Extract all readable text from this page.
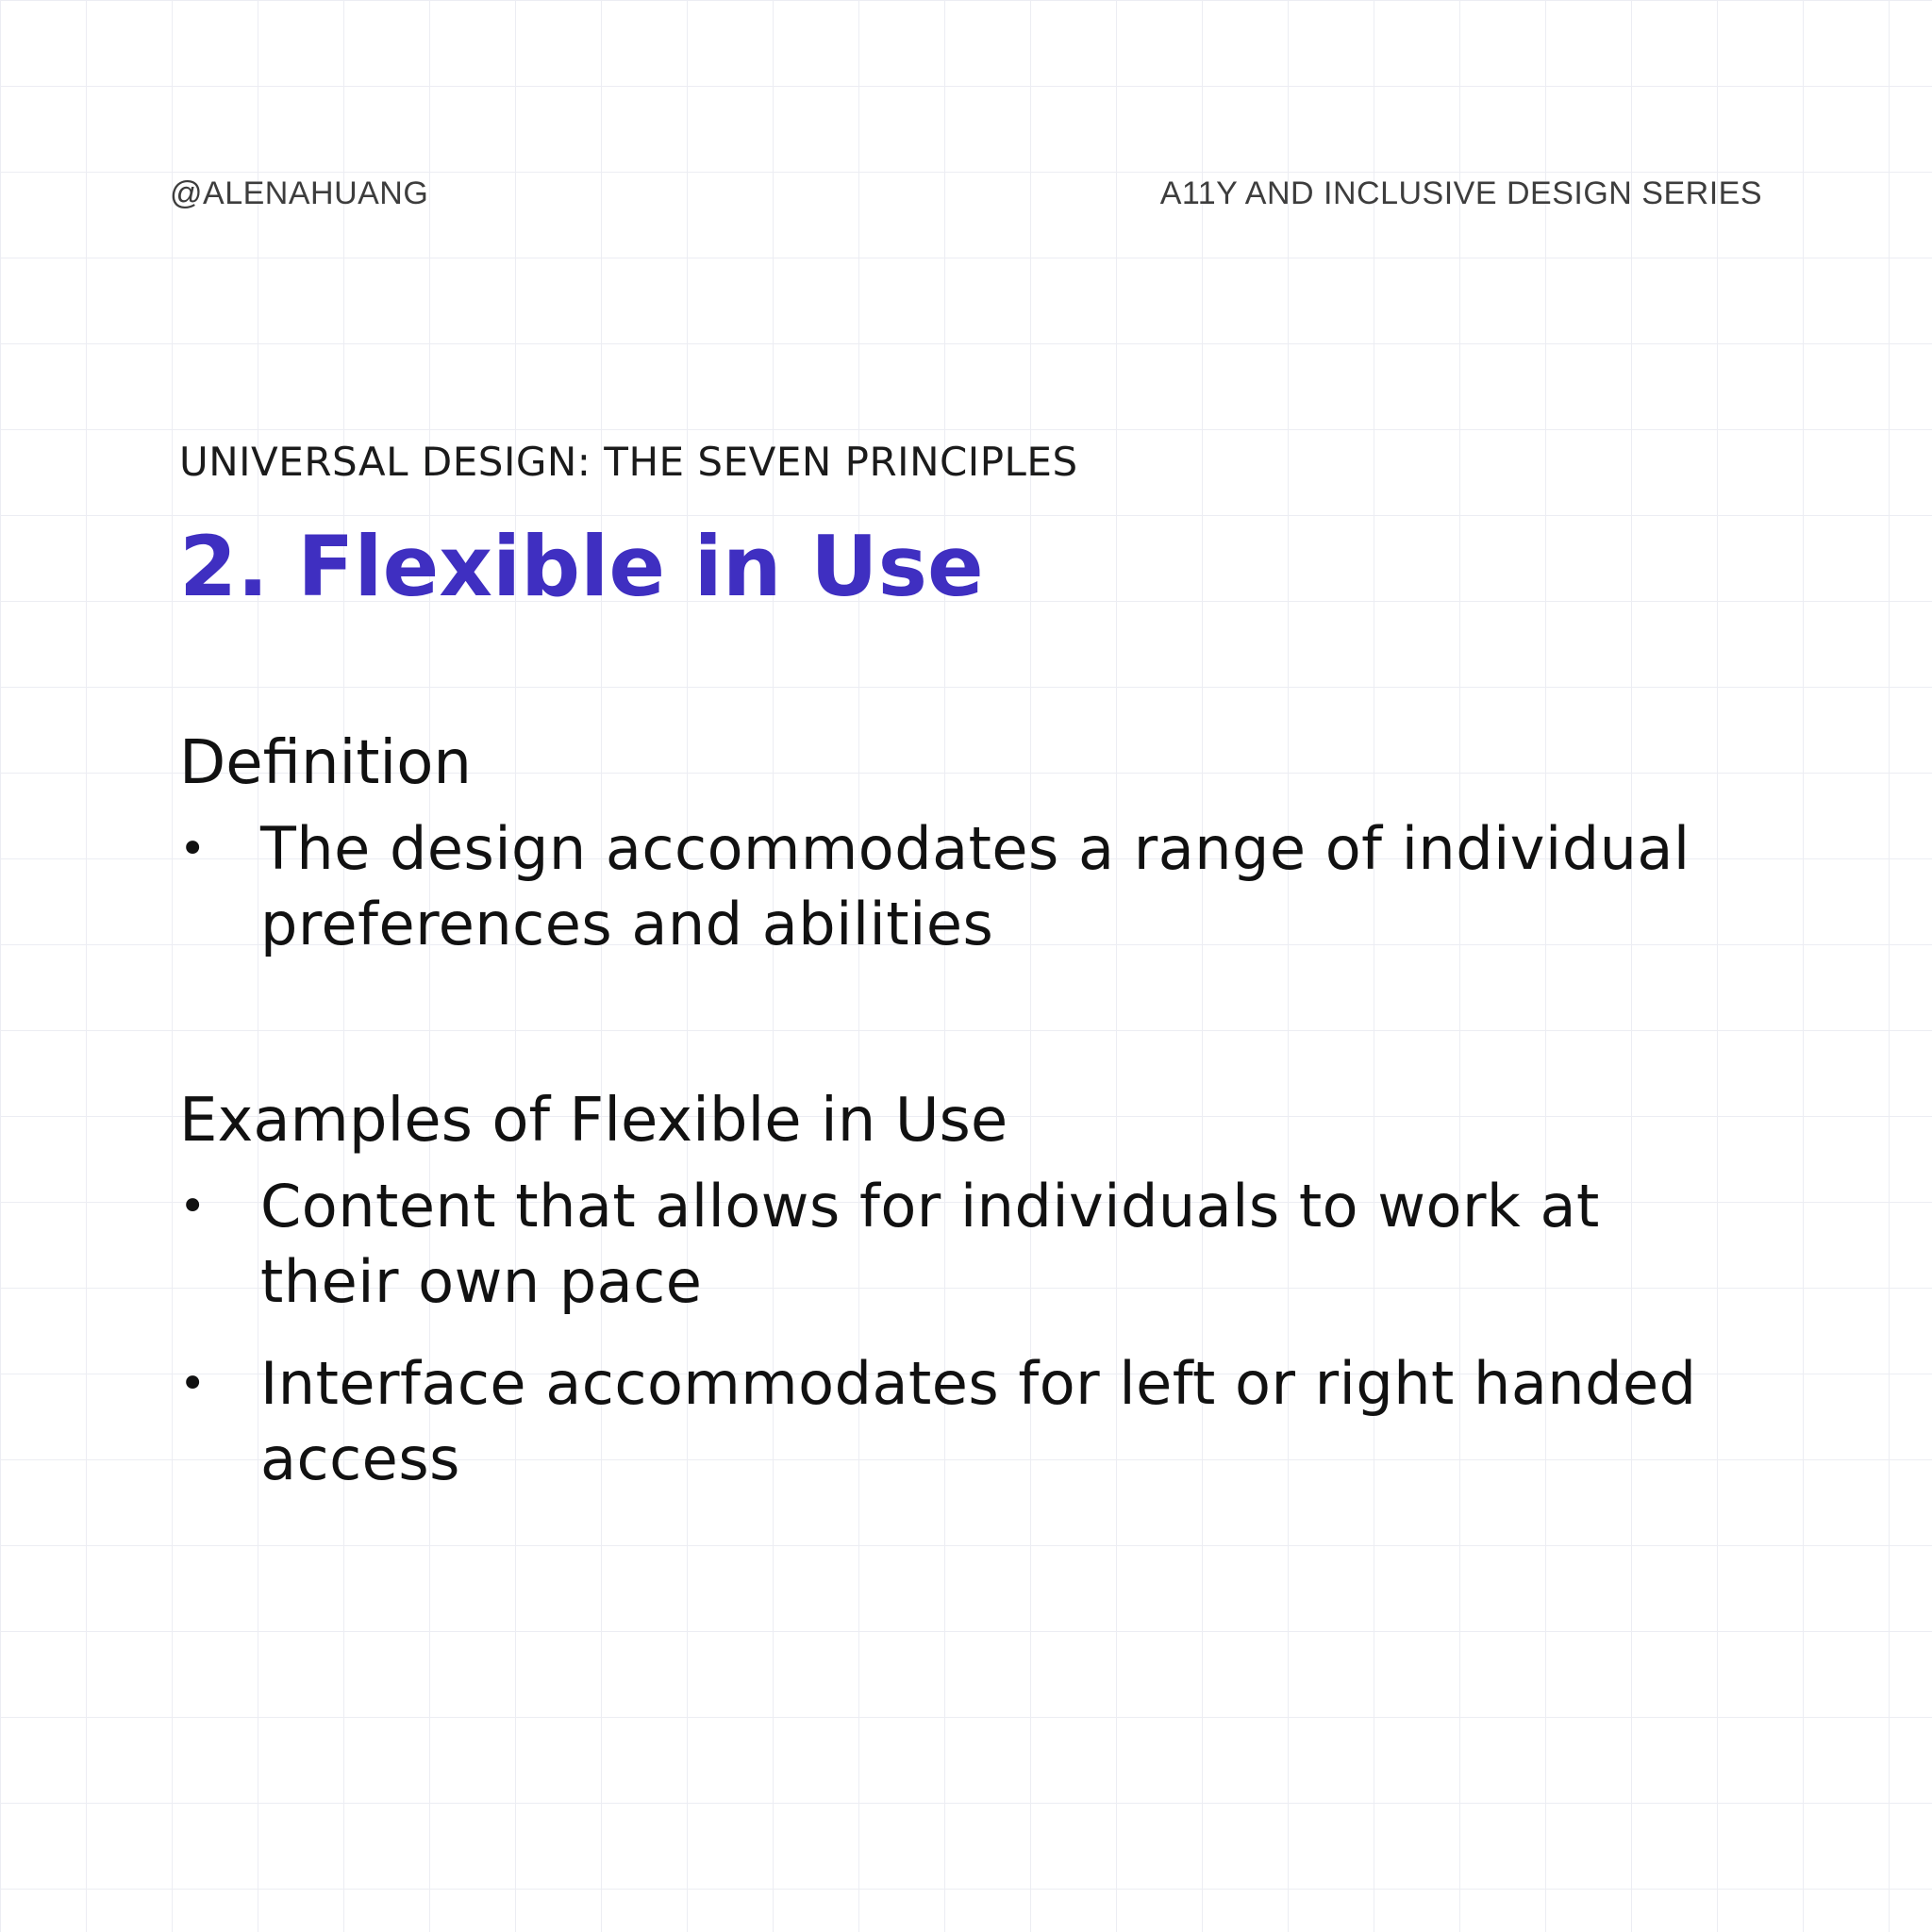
@ALENAHUANG	A11Y AND INCLUSIVE DESIGN SERIES

UNIVERSAL DESIGN: THE SEVEN PRINCIPLES

2. Flexible in Use
Definition
• The design accommodates a range of individual preferences and abilities
Examples of Flexible in Use
• Content that allows for individuals to work at their own pace
• Interface accommodates for left or right handed access
